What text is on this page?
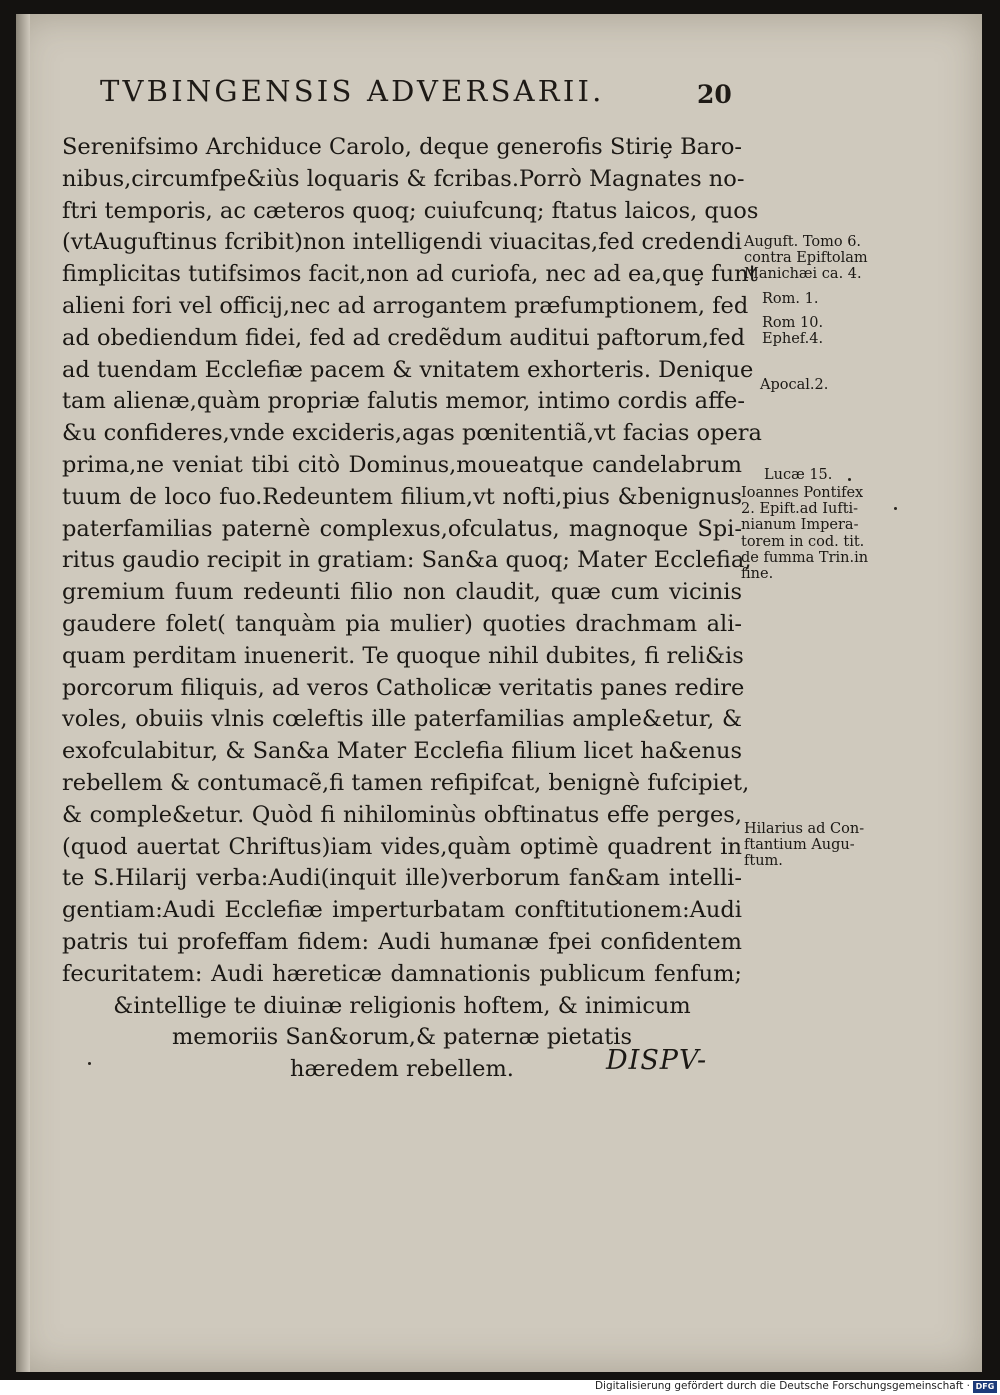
TVBINGENSIS ADVERSARII.	20
Serenifsimo Archiduce Carolo, deque generofis Stiriȩ Baro-
nibus,circumfpe&iùs loquaris & fcribas.Porrò Magnates no-
ftri temporis, ac cæteros quoq; cuiufcunq; ftatus laicos, quos
(vtAuguftinus fcribit)non intelligendi viuacitas,fed credendi
fimplicitas tutifsimos facit,non ad curiofa, nec ad ea,quȩ funt
alieni fori vel officij,nec ad arrogantem præfumptionem, fed
ad obediendum fidei, fed ad credẽdum auditui paftorum,fed
ad tuendam Ecclefiæ pacem & vnitatem exhorteris. Denique
tam alienæ,quàm propriæ falutis memor, intimo cordis affe-
&u confideres,vnde excideris,agas pœnitentiã,vt facias opera
prima,ne veniat tibi citò Dominus,moueatque candelabrum
tuum de loco fuo.Redeuntem filium,vt nofti,pius &benignus
paterfamilias paternè complexus,ofculatus, magnoque Spi-
ritus gaudio recipit in gratiam: San&a quoq; Mater Ecclefia,
gremium fuum redeunti filio non claudit, quæ cum vicinis
gaudere folet( tanquàm pia mulier) quoties drachmam ali-
quam perditam inuenerit. Te quoque nihil dubites, fi reli&is
porcorum filiquis, ad veros Catholicæ veritatis panes redire
voles, obuiis vlnis cœleftis ille paterfamilias ample&etur, &
exofculabitur, & San&a Mater Ecclefia filium licet ha&enus
rebellem & contumacẽ,fi tamen refipifcat, benignè fufcipiet,
& comple&etur. Quòd fi nihilominùs obftinatus effe perges,
(quod auertat Chriftus)iam vides,quàm optimè quadrent in
te S.Hilarij verba:Audi(inquit ille)verborum fan&am intelli-
gentiam:Audi Ecclefiæ imperturbatam conftitutionem:Audi
patris tui profeffam fidem: Audi humanæ fpei confidentem
fecuritatem: Audi hæreticæ damnationis publicum fenfum;
&intellige te diuinæ religionis hoftem, & inimicum
memoriis San&orum,& paternæ pietatis
hæredem rebellem.
Auguft. Tomo 6.
contra Epiftolam
Manichæi ca. 4.
Rom. 1.
Rom 10.
Ephef.4.
Apocal.2.
Lucæ 15.
Ioannes Pontifex
2. Epift.ad Iufti-
nianum Impera-
torem in cod. tit.
de fumma Trin.in
fine.
Hilarius ad Con-
ftantium Augu-
ftum.
DISPV-
Digitalisierung gefördert durch die Deutsche Forschungsgemeinschaft · DFG
